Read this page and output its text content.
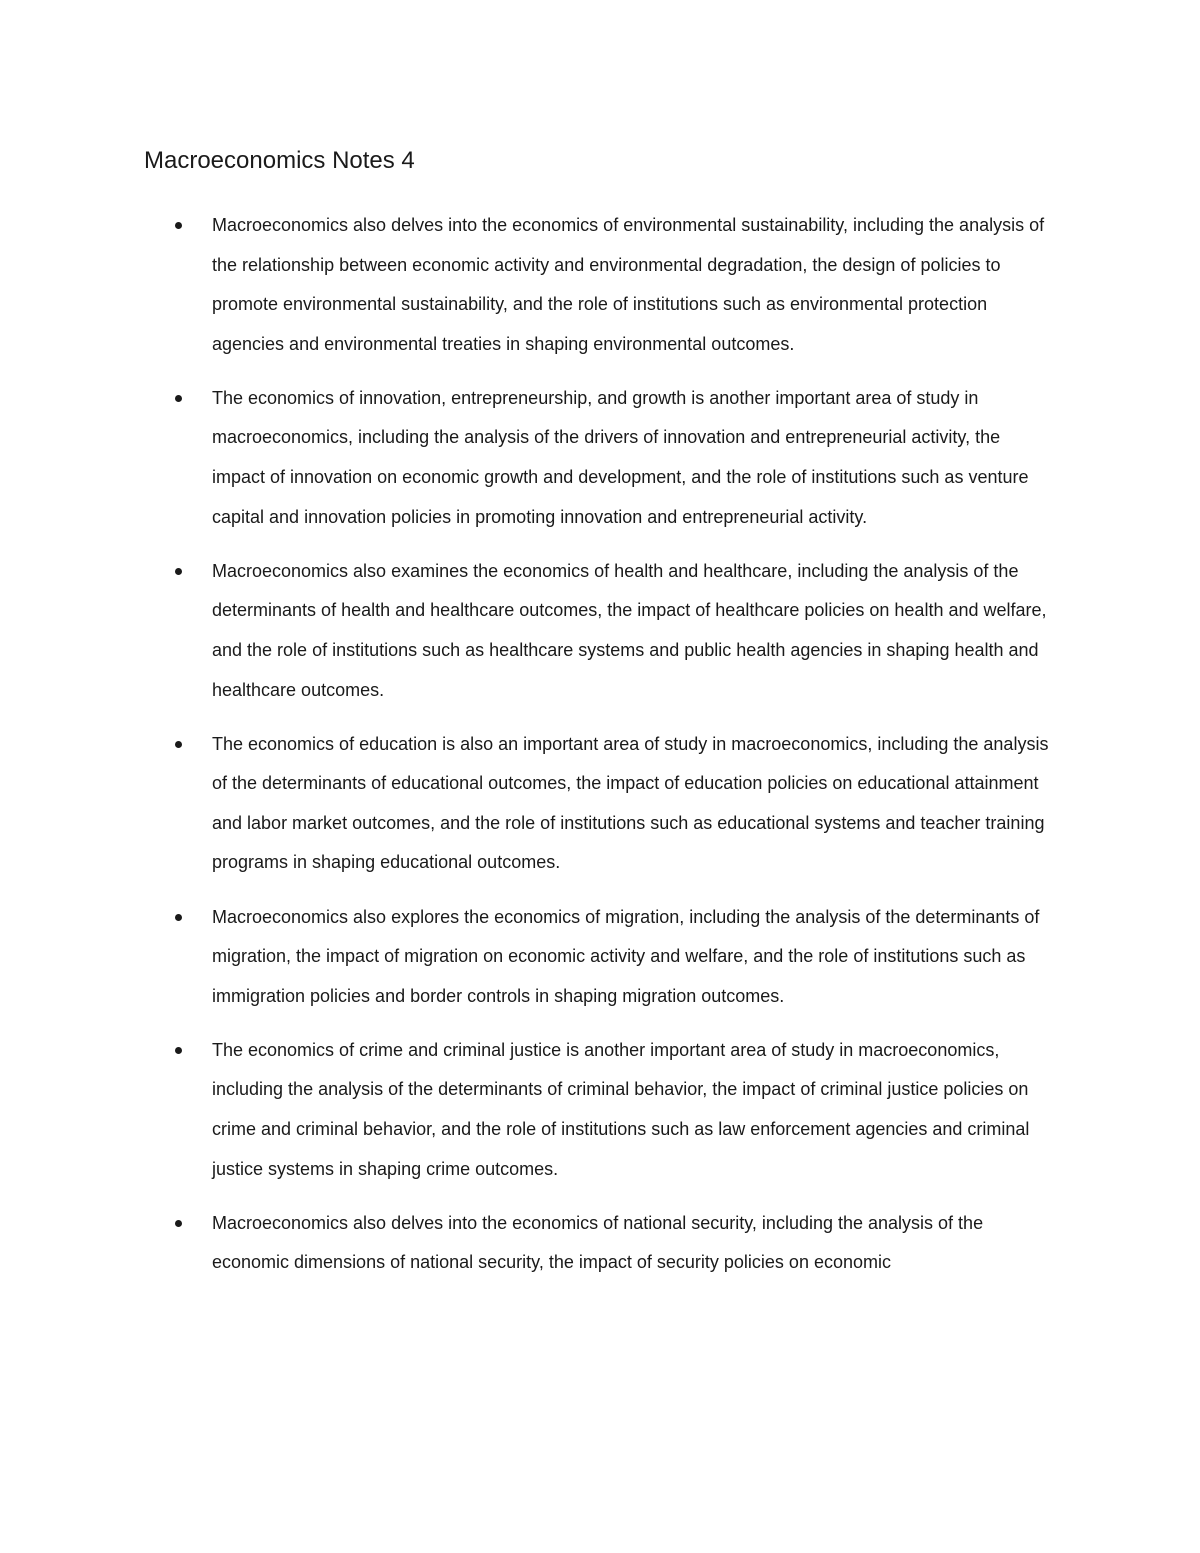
Macroeconomics Notes 4
Macroeconomics also delves into the economics of environmental sustainability, including the analysis of the relationship between economic activity and environmental degradation, the design of policies to promote environmental sustainability, and the role of institutions such as environmental protection agencies and environmental treaties in shaping environmental outcomes.
The economics of innovation, entrepreneurship, and growth is another important area of study in macroeconomics, including the analysis of the drivers of innovation and entrepreneurial activity, the impact of innovation on economic growth and development, and the role of institutions such as venture capital and innovation policies in promoting innovation and entrepreneurial activity.
Macroeconomics also examines the economics of health and healthcare, including the analysis of the determinants of health and healthcare outcomes, the impact of healthcare policies on health and welfare, and the role of institutions such as healthcare systems and public health agencies in shaping health and healthcare outcomes.
The economics of education is also an important area of study in macroeconomics, including the analysis of the determinants of educational outcomes, the impact of education policies on educational attainment and labor market outcomes, and the role of institutions such as educational systems and teacher training programs in shaping educational outcomes.
Macroeconomics also explores the economics of migration, including the analysis of the determinants of migration, the impact of migration on economic activity and welfare, and the role of institutions such as immigration policies and border controls in shaping migration outcomes.
The economics of crime and criminal justice is another important area of study in macroeconomics, including the analysis of the determinants of criminal behavior, the impact of criminal justice policies on crime and criminal behavior, and the role of institutions such as law enforcement agencies and criminal justice systems in shaping crime outcomes.
Macroeconomics also delves into the economics of national security, including the analysis of the economic dimensions of national security, the impact of security policies on economic
